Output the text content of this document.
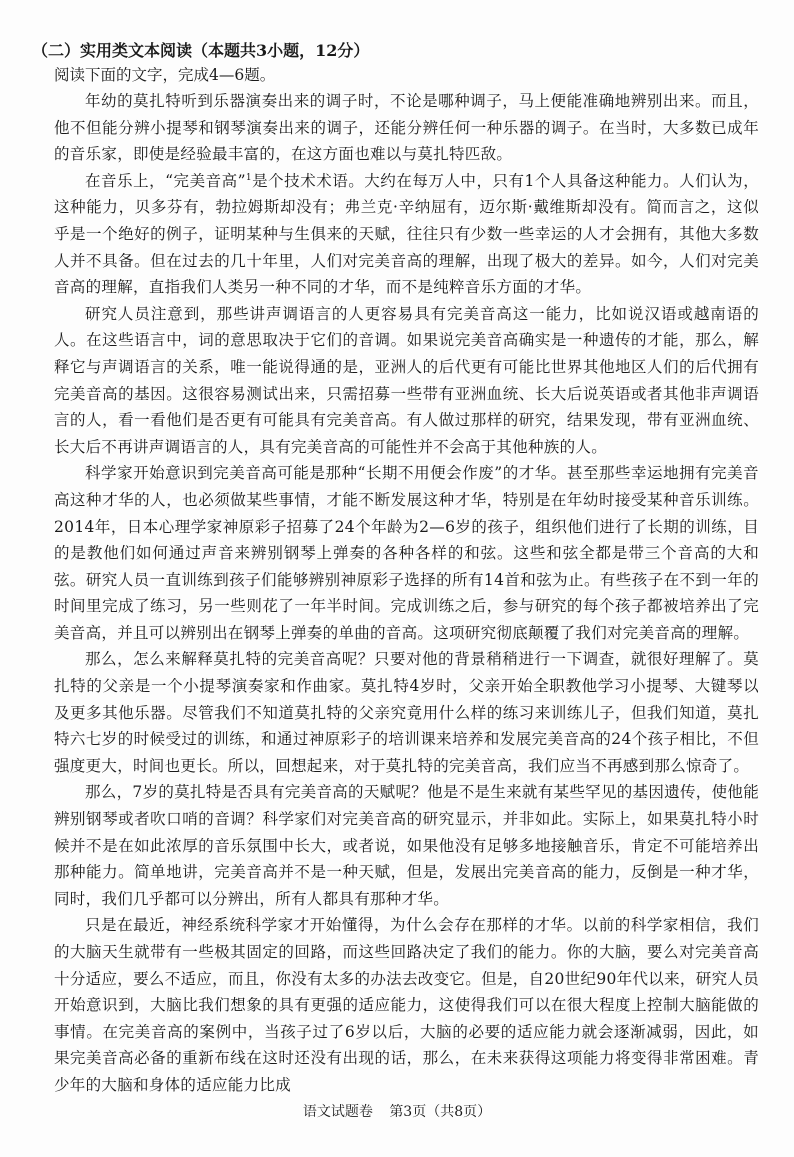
（二）实用类文本阅读（本题共3小题，12分）
阅读下面的文字，完成4—6题。

年幼的莫扎特听到乐器演奏出来的调子时，不论是哪种调子，马上便能准确地辨别出来。而且，他不但能分辨小提琴和钢琴演奏出来的调子，还能分辨任何一种乐器的调子。在当时，大多数已成年的音乐家，即使是经验最丰富的，在这方面也难以与莫扎特匹敌。

在音乐上，“完美音高”$^1$是个技术术语。大约在每万人中，只有1个人具备这种能力。人们认为，这种能力，贝多芬有，勃拉姆斯却没有；弗兰克·辛纳屈有，迈尔斯·戴维斯却没有。简而言之，这似乎是一个绝好的例子，证明某种与生俱来的天赋，往往只有少数一些幸运的人才会拥有，其他大多数人并不具备。但在过去的几十年里，人们对完美音高的理解，出现了极大的差异。如今，人们对完美音高的理解，直指我们人类另一种不同的才华，而不是纯粹音乐方面的才华。

研究人员注意到，那些讲声调语言的人更容易具有完美音高这一能力，比如说汉语或越南语的人。在这些语言中，词的意思取决于它们的音调。如果说完美音高确实是一种遗传的才能，那么，解释它与声调语言的关系，唯一能说得通的是，亚洲人的后代更有可能比世界其他地区人们的后代拥有完美音高的基因。这很容易测试出来，只需招募一些带有亚洲血统、长大后说英语或者其他非声调语言的人，看一看他们是否更有可能具有完美音高。有人做过那样的研究，结果发现，带有亚洲血统、长大后不再讲声调语言的人，具有完美音高的可能性并不会高于其他种族的人。

科学家开始意识到完美音高可能是那种“长期不用便会作废”的才华。甚至那些幸运地拥有完美音高这种才华的人，也必须做某些事情，才能不断发展这种才华，特别是在年幼时接受某种音乐训练。2014年，日本心理学家神原彩子招募了24个年龄为2—6岁的孩子，组织他们进行了长期的训练，目的是教他们如何通过声音来辨别钢琴上弹奏的各种各样的和弦。这些和弦全都是带三个音高的大和弦。研究人员一直训练到孩子们能够辨别神原彩子选择的所有14首和弦为止。有些孩子在不到一年的时间里完成了练习，另一些则花了一年半时间。完成训练之后，参与研究的每个孩子都被培养出了完美音高，并且可以辨别出在钢琴上弹奏的单曲的音高。这项研究彻底颠覆了我们对完美音高的理解。

那么，怎么来解释莫扎特的完美音高呢？只要对他的背景稍稍进行一下调查，就很好理解了。莫扎特的父亲是一个小提琴演奏家和作曲家。莫扎特4岁时，父亲开始全职教他学习小提琴、大键琴以及更多其他乐器。尽管我们不知道莫扎特的父亲究竟用什么样的练习来训练儿子，但我们知道，莫扎特六七岁的时候受过的训练，和通过神原彩子的培训课来培养和发展完美音高的24个孩子相比，不但强度更大，时间也更长。所以，回想起来，对于莫扎特的完美音高，我们应当不再感到那么惊奇了。

那么，7岁的莫扎特是否具有完美音高的天赋呢？他是不是生来就有某些罕见的基因遗传，使他能辨别钢琴或者吹口哨的音调？科学家们对完美音高的研究显示，并非如此。实际上，如果莫扎特小时候并不是在如此浓厚的音乐氛围中长大，或者说，如果他没有足够多地接触音乐，肯定不可能培养出那种能力。简单地讲，完美音高并不是一种天赋，但是，发展出完美音高的能力，反倒是一种才华，同时，我们几乎都可以分辨出，所有人都具有那种才华。

只是在最近，神经系统科学家才开始懂得，为什么会存在那样的才华。以前的科学家相信，我们的大脑天生就带有一些极其固定的回路，而这些回路决定了我们的能力。你的大脑，要么对完美音高十分适应，要么不适应，而且，你没有太多的办法去改变它。但是，自20世纪90年代以来，研究人员开始意识到，大脑比我们想象的具有更强的适应能力，这使得我们可以在很大程度上控制大脑能做的事情。在完美音高的案例中，当孩子过了6岁以后，大脑的必要的适应能力就会逐渐减弱，因此，如果完美音高必备的重新布线在这时还没有出现的话，那么，在未来获得这项能力将变得非常困难。青少年的大脑和身体的适应能力比成

语文试题卷 第3页（共8页）
